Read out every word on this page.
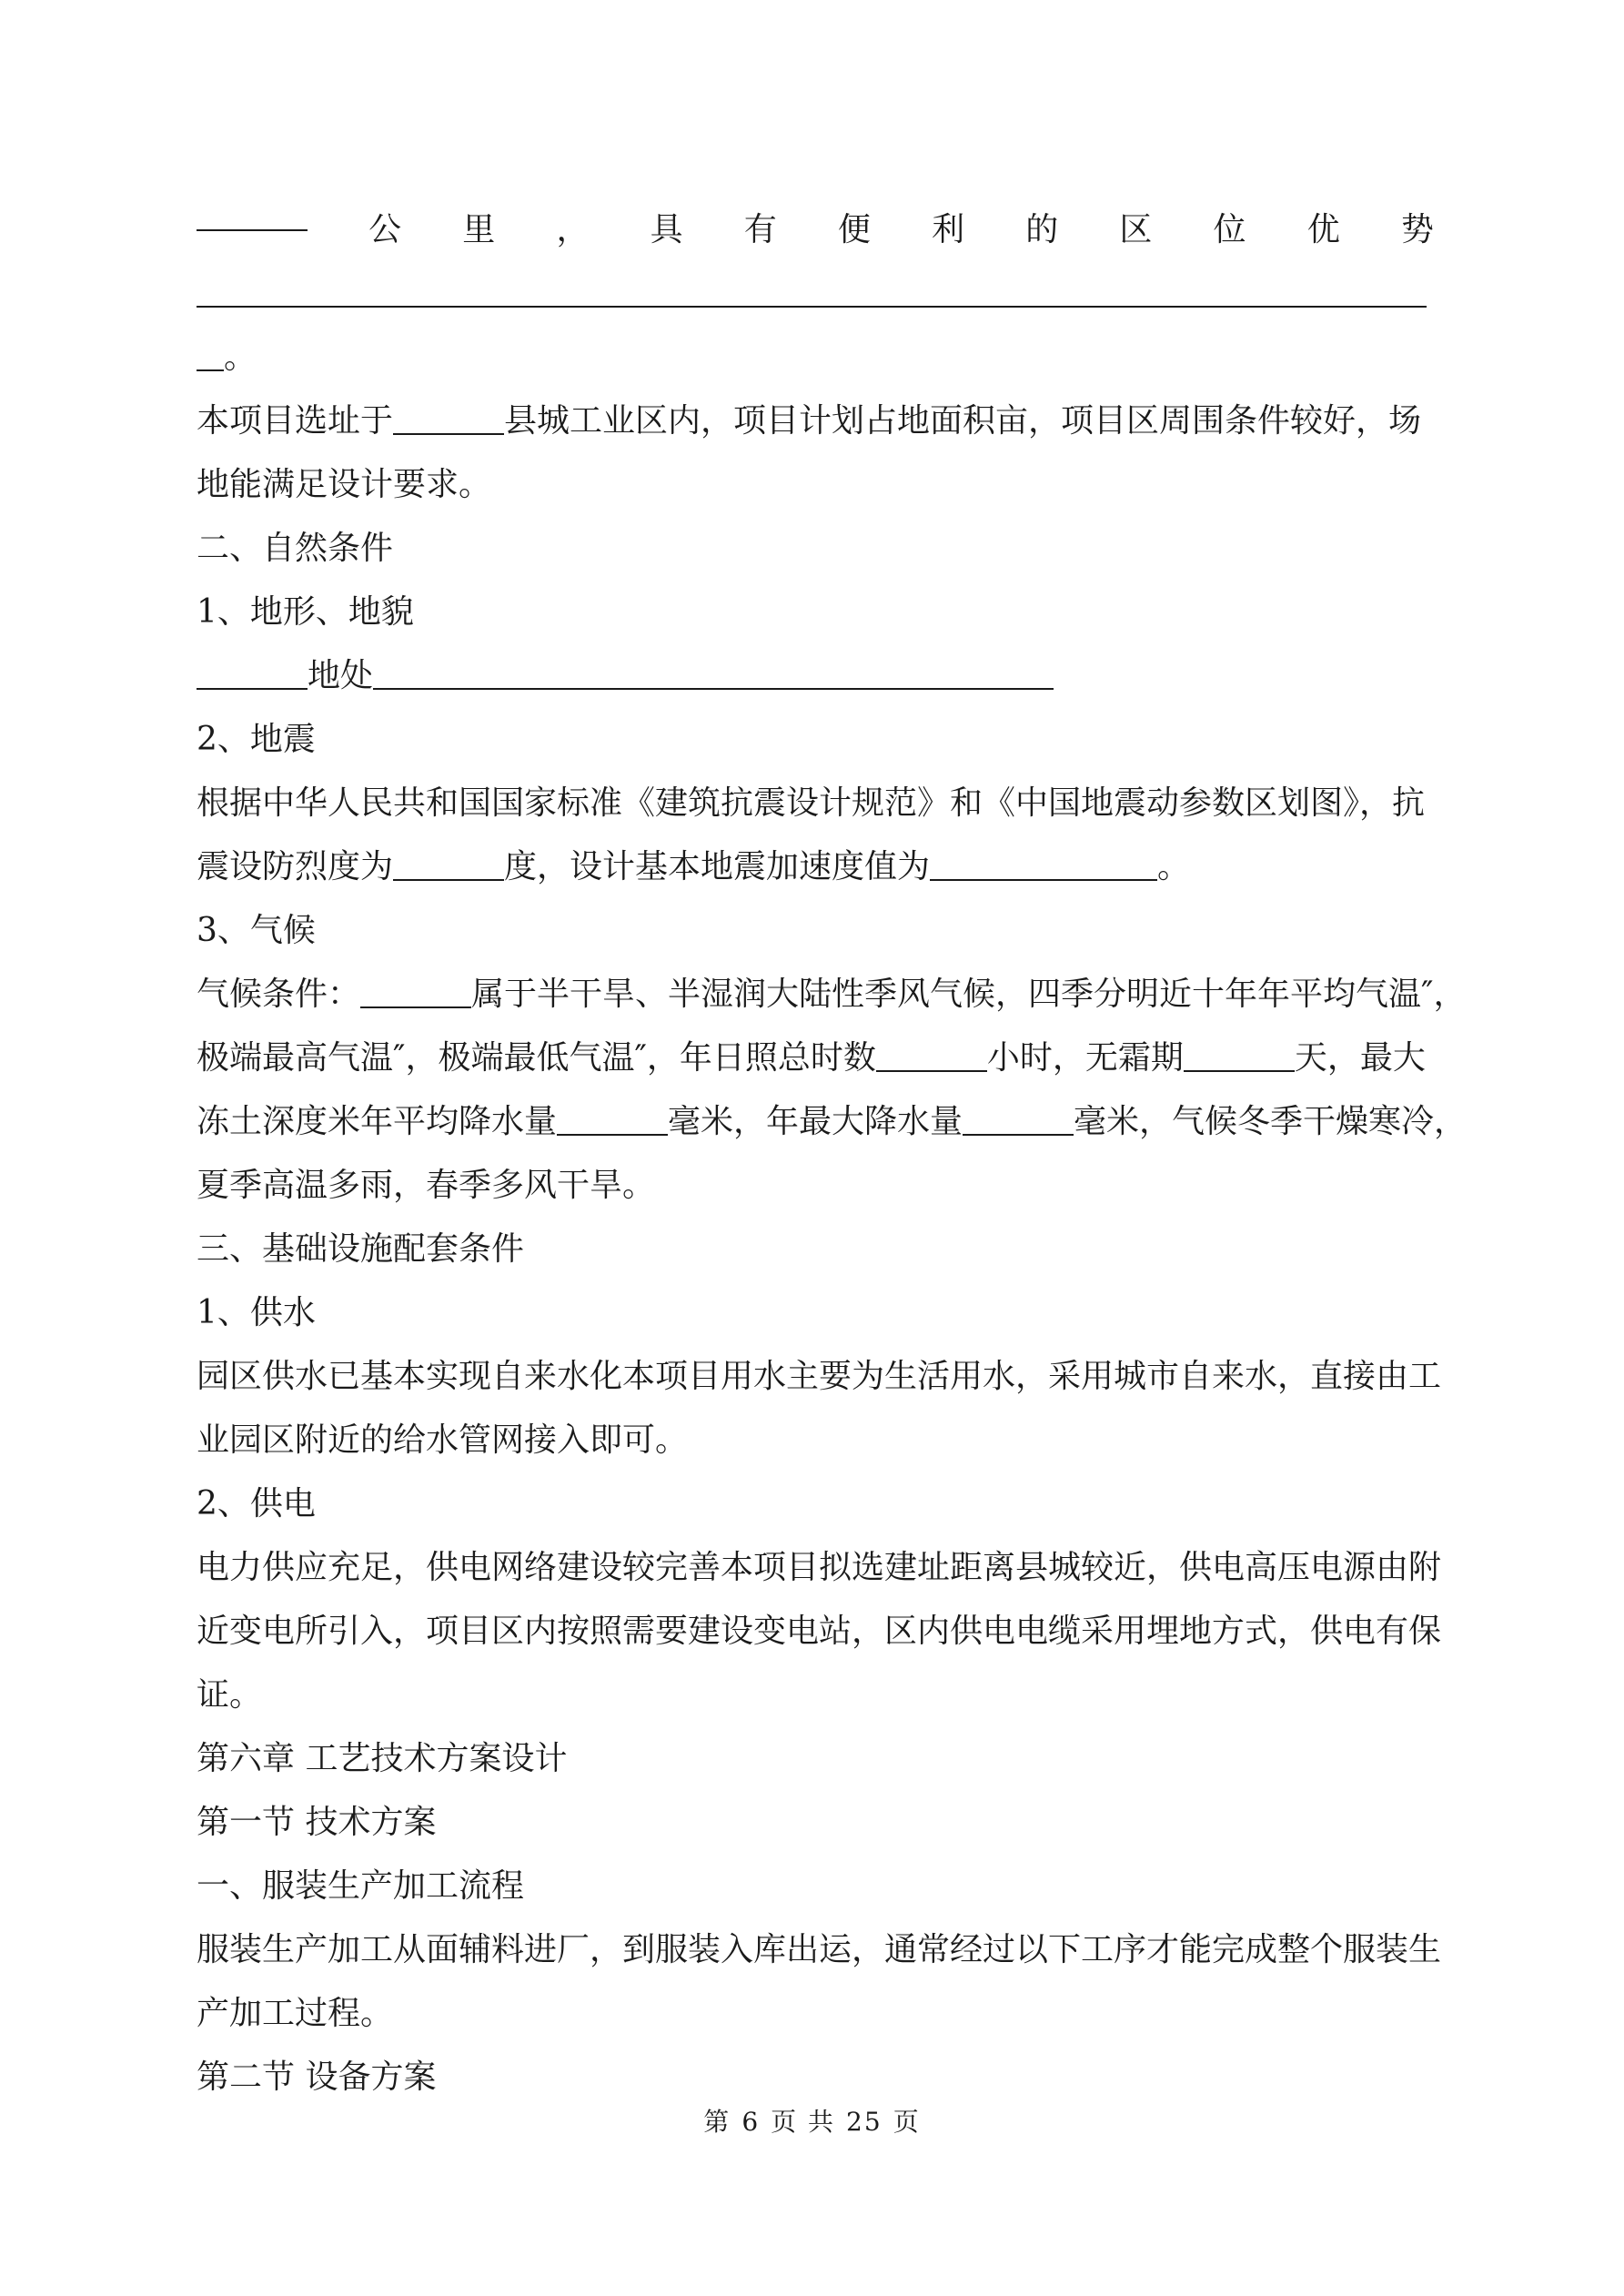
公 里 ， 具 有 便 利 的 区 位 优 势
。
本项目选址于	县城工业区内，项目计划占地面积亩，项目区周围条件较好，场
地能满足设计要求。
二、自然条件
1、地形、地貌
地处
2、地震
根据中华人民共和国国家标准《建筑抗震设计规范》和《中国地震动参数区划图》，抗
震设防烈度为	度，设计基本地震加速度值为	。
3、气候
气候条件：	属于半干旱、半湿润大陆性季风气候，四季分明近十年年平均气温″，
极端最高气温″，极端最低气温″，年日照总时数	小时，无霜期	天，最大
冻土深度米年平均降水量	毫米，年最大降水量	毫米，气候冬季干燥寒冷，
夏季高温多雨，春季多风干旱。
三、基础设施配套条件
1、供水
园区供水已基本实现自来水化本项目用水主要为生活用水，采用城市自来水，直接由工
业园区附近的给水管网接入即可。
2、供电
电力供应充足，供电网络建设较完善本项目拟选建址距离县城较近，供电高压电源由附
近变电所引入，项目区内按照需要建设变电站，区内供电电缆采用埋地方式，供电有保
证。
第六章 工艺技术方案设计
第一节 技术方案
一、服装生产加工流程
服装生产加工从面辅料进厂，到服装入库出运，通常经过以下工序才能完成整个服装生
产加工过程。
第二节 设备方案
第 6 页 共 25 页
